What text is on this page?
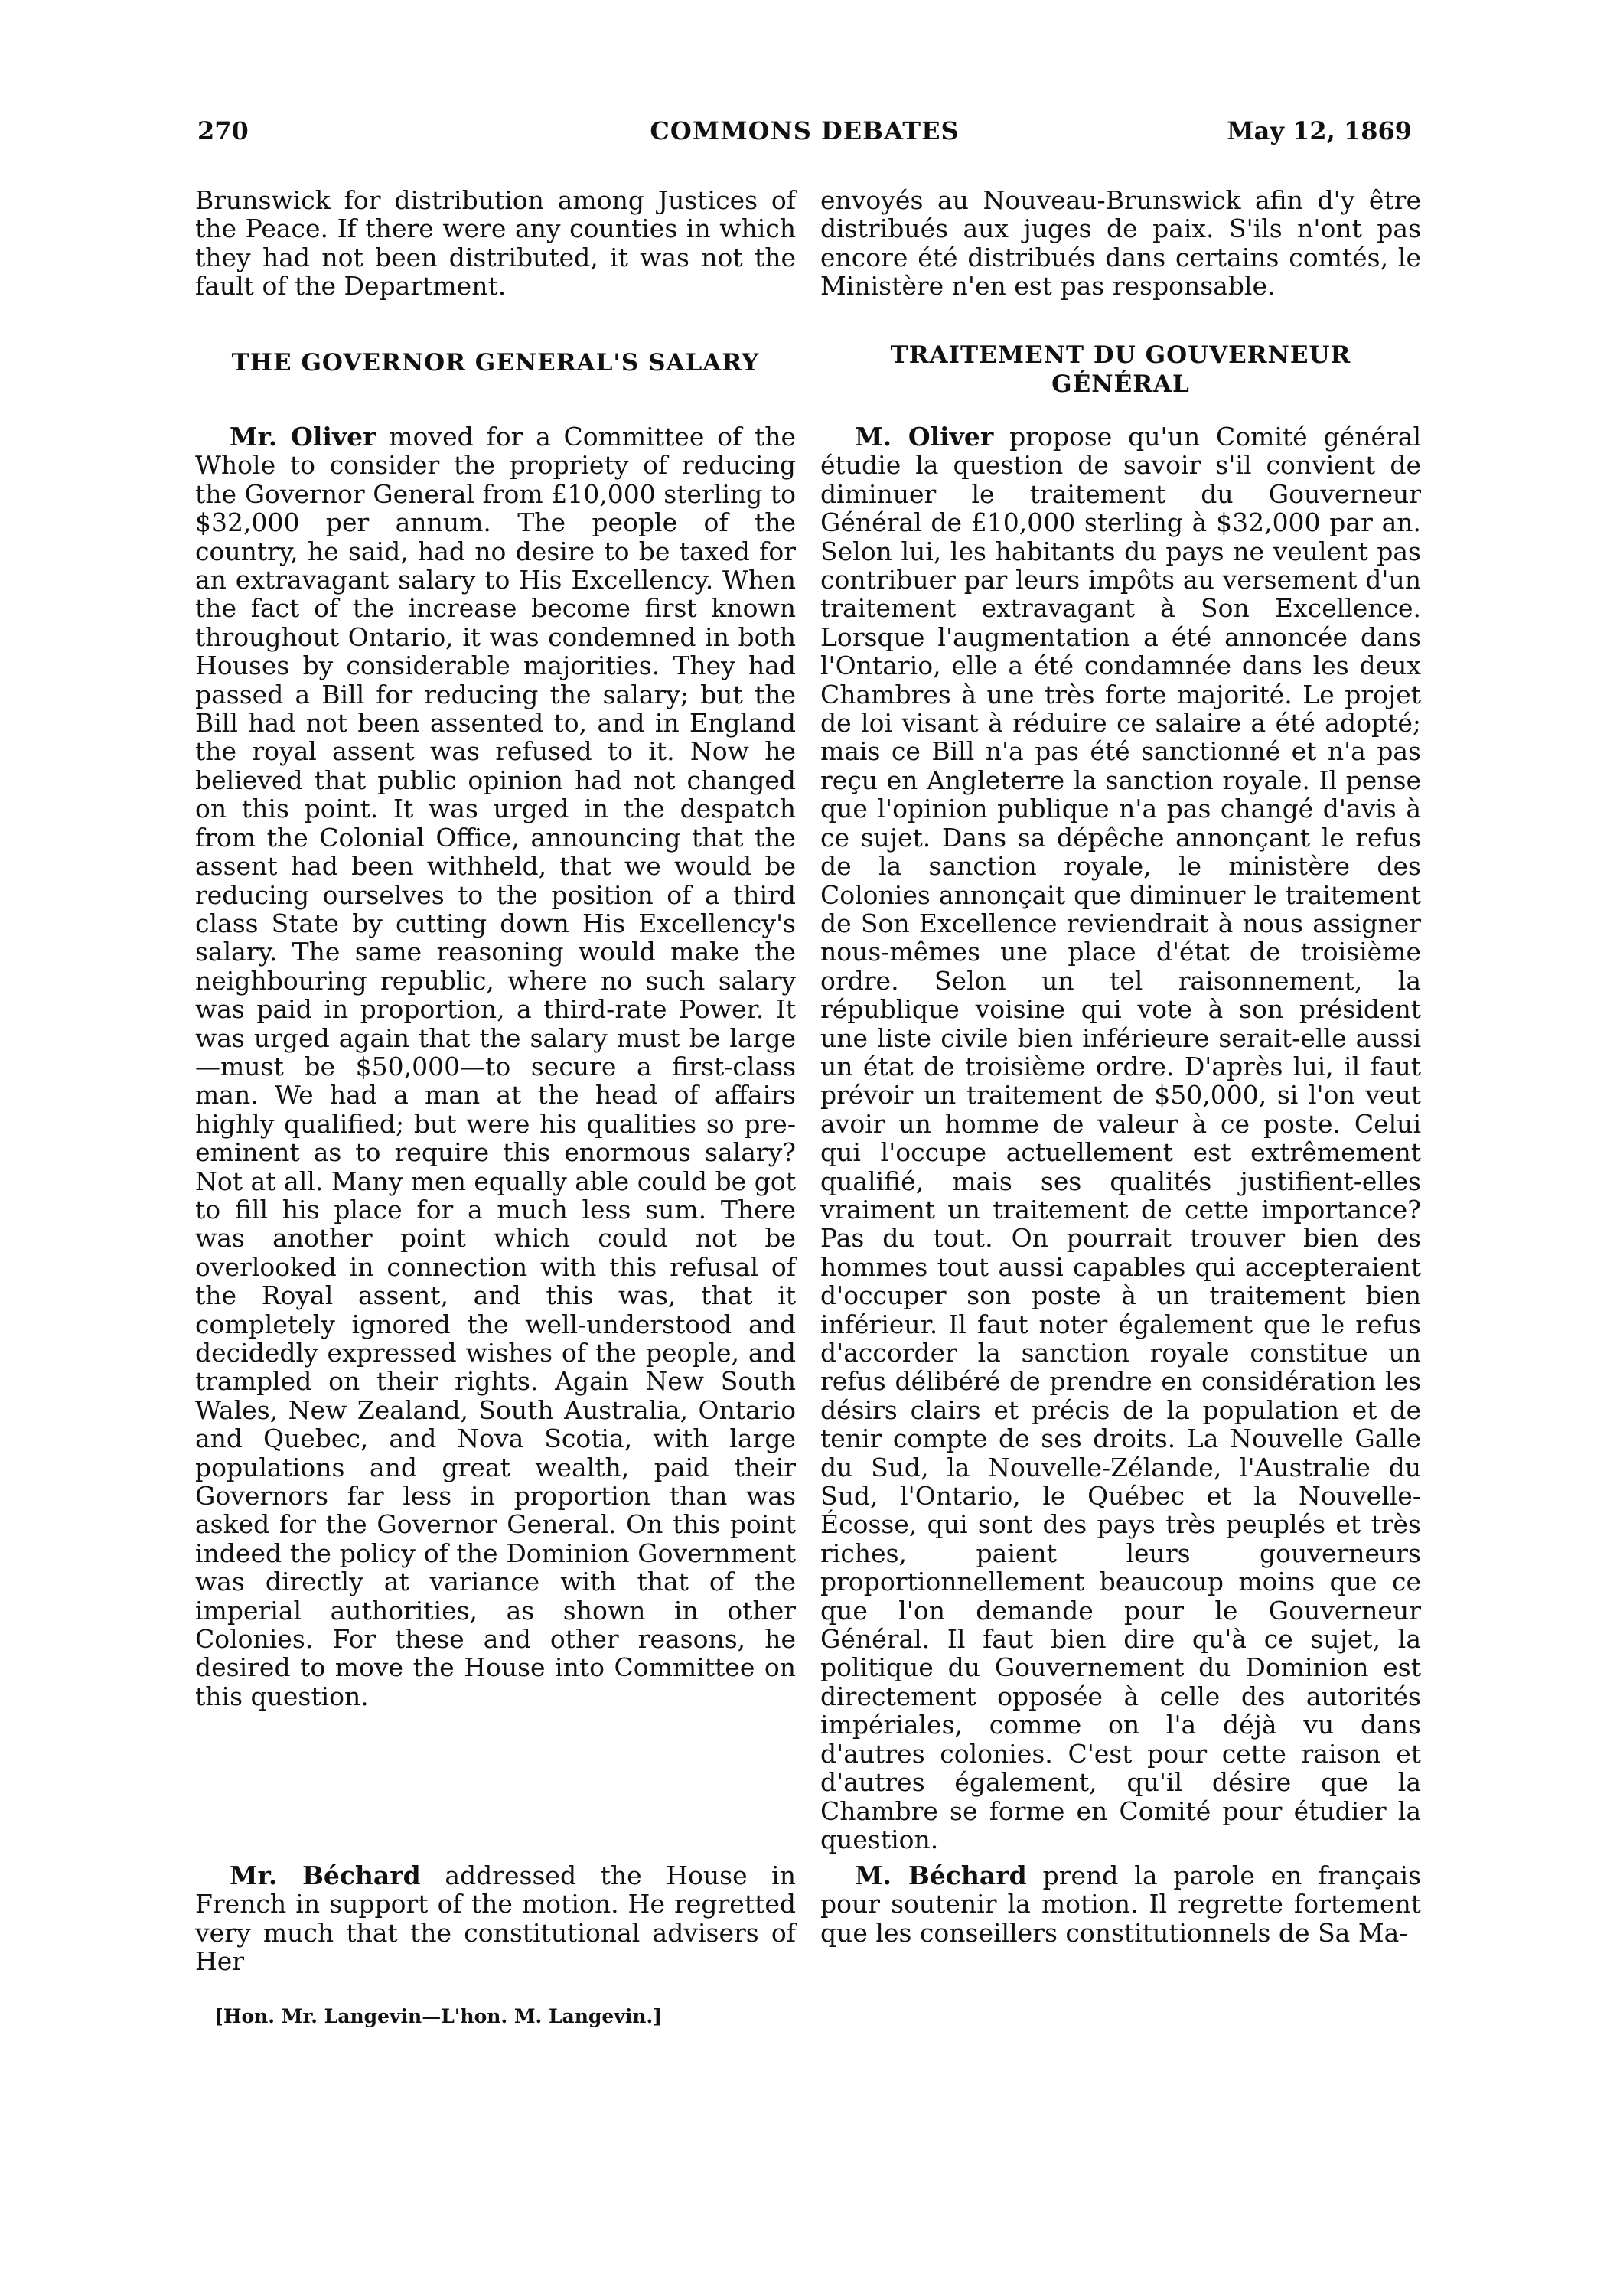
270	COMMONS DEBATES	May 12, 1869

Brunswick for distribution among Justices of the Peace. If there were any counties in which they had not been distributed, it was not the fault of the Department.

THE GOVERNOR GENERAL'S SALARY

Mr. Oliver moved for a Committee of the Whole to consider the propriety of reducing the Governor General from £10,000 sterling to $32,000 per annum. The people of the country, he said, had no desire to be taxed for an extravagant salary to His Excellency. When the fact of the increase become first known throughout Ontario, it was condemned in both Houses by considerable majorities. They had passed a Bill for reducing the salary; but the Bill had not been assented to, and in England the royal assent was refused to it. Now he believed that public opinion had not changed on this point. It was urged in the despatch from the Colonial Office, announcing that the assent had been withheld, that we would be reducing ourselves to the position of a third class State by cutting down His Excellency's salary. The same reasoning would make the neighbouring republic, where no such salary was paid in proportion, a third-rate Power. It was urged again that the salary must be large—must be $50,000—to secure a first-class man. We had a man at the head of affairs highly qualified; but were his qualities so pre-eminent as to require this enormous salary? Not at all. Many men equally able could be got to fill his place for a much less sum. There was another point which could not be overlooked in connection with this refusal of the Royal assent, and this was, that it completely ignored the well-understood and decidedly expressed wishes of the people, and trampled on their rights. Again New South Wales, New Zealand, South Australia, Ontario and Quebec, and Nova Scotia, with large populations and great wealth, paid their Governors far less in proportion than was asked for the Governor General. On this point indeed the policy of the Dominion Government was directly at variance with that of the imperial authorities, as shown in other Colonies. For these and other reasons, he desired to move the House into Committee on this question.

Mr. Béchard addressed the House in French in support of the motion. He regretted very much that the constitutional advisers of Her

envoyés au Nouveau-Brunswick afin d'y être distribués aux juges de paix. S'ils n'ont pas encore été distribués dans certains comtés, le Ministère n'en est pas responsable.

TRAITEMENT DU GOUVERNEUR
GÉNÉRAL

M. Oliver propose qu'un Comité général étudie la question de savoir s'il convient de diminuer le traitement du Gouverneur Général de £10,000 sterling à $32,000 par an. Selon lui, les habitants du pays ne veulent pas contribuer par leurs impôts au versement d'un traitement extravagant à Son Excellence. Lorsque l'augmentation a été annoncée dans l'Ontario, elle a été condamnée dans les deux Chambres à une très forte majorité. Le projet de loi visant à réduire ce salaire a été adopté; mais ce Bill n'a pas été sanctionné et n'a pas reçu en Angleterre la sanction royale. Il pense que l'opinion publique n'a pas changé d'avis à ce sujet. Dans sa dépêche annonçant le refus de la sanction royale, le ministère des Colonies annonçait que diminuer le traitement de Son Excellence reviendrait à nous assigner nous-mêmes une place d'état de troisième ordre. Selon un tel raisonnement, la république voisine qui vote à son président une liste civile bien inférieure serait-elle aussi un état de troisième ordre. D'après lui, il faut prévoir un traitement de $50,000, si l'on veut avoir un homme de valeur à ce poste. Celui qui l'occupe actuellement est extrêmement qualifié, mais ses qualités justifient-elles vraiment un traitement de cette importance? Pas du tout. On pourrait trouver bien des hommes tout aussi capables qui accepteraient d'occuper son poste à un traitement bien inférieur. Il faut noter également que le refus d'accorder la sanction royale constitue un refus délibéré de prendre en considération les désirs clairs et précis de la population et de tenir compte de ses droits. La Nouvelle Galle du Sud, la Nouvelle-Zélande, l'Australie du Sud, l'Ontario, le Québec et la Nouvelle-Écosse, qui sont des pays très peuplés et très riches, paient leurs gouverneurs proportionnellement beaucoup moins que ce que l'on demande pour le Gouverneur Général. Il faut bien dire qu'à ce sujet, la politique du Gouvernement du Dominion est directement opposée à celle des autorités impériales, comme on l'a déjà vu dans d'autres colonies. C'est pour cette raison et d'autres également, qu'il désire que la Chambre se forme en Comité pour étudier la question.

M. Béchard prend la parole en français pour soutenir la motion. Il regrette fortement que les conseillers constitutionnels de Sa Ma-

[Hon. Mr. Langevin—L'hon. M. Langevin.]
